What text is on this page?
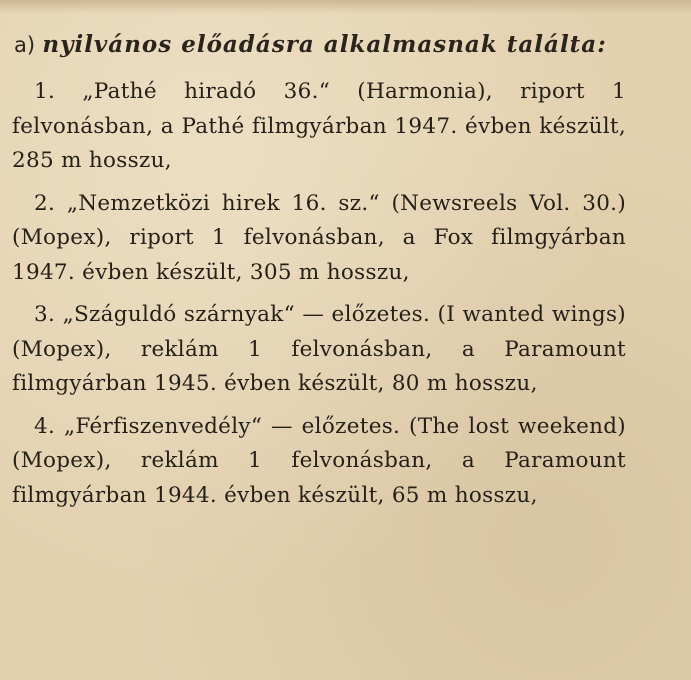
a) nyilvános előadásra alkalmasnak találta:

1. „Pathé hiradó 36.“ (Harmonia), riport 1 felvonásban, a Pathé filmgyárban 1947. évben készült, 285 m hosszu,

2. „Nemzetközi hirek 16. sz.“ (Newsreels Vol. 30.) (Mopex), riport 1 felvonásban, a Fox filmgyárban 1947. évben készült, 305 m hosszu,

3. „Száguldó szárnyak“ — előzetes. (I wanted wings) (Mopex), reklám 1 felvonásban, a Paramount filmgyárban 1945. évben készült, 80 m hosszu,

4. „Férfiszenvedély“ — előzetes. (The lost weekend) (Mopex), reklám 1 felvonásban, a Paramount filmgyárban 1944. évben készült, 65 m hosszu,
